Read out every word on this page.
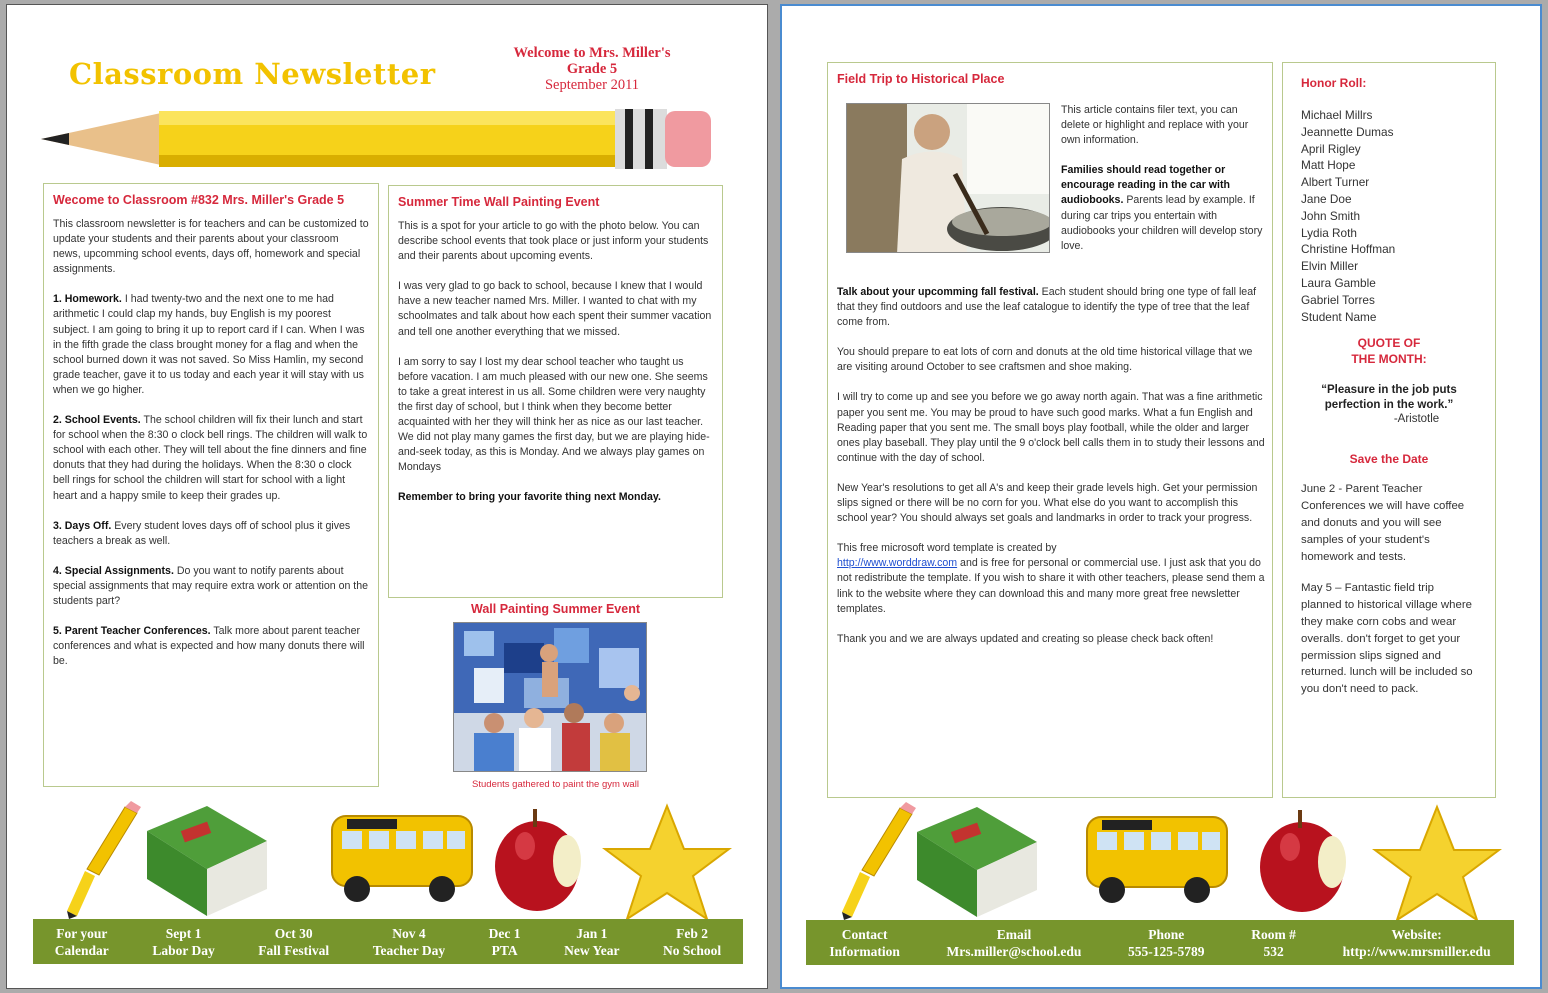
Classroom Newsletter
Welcome to Mrs. Miller's
Grade 5
September 2011
Wecome to Classroom #832 Mrs. Miller's Grade 5

This classroom newsletter is for teachers and can be customized to update your students and their parents about your classroom news, upcomming school events, days off, homework and special assignments.

1. Homework. I had twenty-two and the next one to me had arithmetic I could clap my hands, buy English is my poorest subject. I am going to bring it up to report card if I can. When I was in the fifth grade the class brought money for a flag and when the school burned down it was not saved. So Miss Hamlin, my second grade teacher, gave it to us today and each year it will stay with us when we go higher.

2. School Events. The school children will fix their lunch and start for school when the 8:30 o clock bell rings. The children will walk to school with each other. They will tell about the fine dinners and fine donuts that they had during the holidays. When the 8:30 o clock bell rings for school the children will start for school with a light heart and a happy smile to keep their grades up.

3. Days Off. Every student loves days off of school plus it gives teachers a break as well.

4. Special Assignments. Do you want to notify parents about special assignments that may require extra work or attention on the students part?

5. Parent Teacher Conferences. Talk more about parent teacher conferences and what is expected and how many donuts there will be.

Summer Time Wall Painting Event

This is a spot for your article to go with the photo below. You can describe school events that took place or just inform your students and their parents about upcoming events.

I was very glad to go back to school, because I knew that I would have a new teacher named Mrs. Miller. I wanted to chat with my schoolmates and talk about how each spent their summer vacation and tell one another everything that we missed.

I am sorry to say I lost my dear school teacher who taught us before vacation. I am much pleased with our new one. She seems to take a great interest in us all. Some children were very naughty the first day of school, but I think when they become better acquainted with her they will think her as nice as our last teacher. We did not play many games the first day, but we are playing hide-and-seek today, as this is Monday. And we always play games on Mondays

Remember to bring your favorite thing next Monday.

Wall Painting Summer Event
Students gathered to paint the gym wall
For your
Calendar
Sept 1
Labor Day
Oct 30
Fall Festival
Nov 4
Teacher Day
Dec 1
PTA
Jan 1
New Year
Feb 2
No School
Field Trip to Historical Place

This article contains filer text, you can delete or highlight and replace with your own information.

Families should read together or encourage reading in the car with audiobooks. Parents lead by example. If during car trips you entertain with audiobooks your children will develop story love.

Talk about your upcomming fall festival. Each student should bring one type of fall leaf that they find outdoors and use the leaf catalogue to identify the type of tree that the leaf come from.

You should prepare to eat lots of corn and donuts at the old time historical village that we are visiting around October to see craftsmen and shoe making.

I will try to come up and see you before we go away north again. That was a fine arithmetic paper you sent me. You may be proud to have such good marks. What a fun English and Reading paper that you sent me. The small boys play football, while the older and larger ones play baseball. They play until the 9 o'clock bell calls them in to study their lessons and continue with the day of school.

New Year's resolutions to get all A's and keep their grade levels high. Get your permission slips signed or there will be no corn for you. What else do you want to accomplish this school year? You should always set goals and landmarks in order to track your progress.

This free microsoft word template is created by
http://www.worddraw.com and is free for personal or commercial use. I just ask that you do not redistribute the template. If you wish to share it with other teachers, please send them a link to the website where they can download this and many more great free newsletter templates.

Thank you and we are always updated and creating so please check back often!

Honor Roll:
Michael Millrs
Jeannette Dumas
April Rigley
Matt Hope
Albert Turner
Jane Doe
John Smith
Lydia Roth
Christine Hoffman
Elvin Miller
Laura Gamble
Gabriel Torres
Student Name
QUOTE OF
THE MONTH:
“Pleasure in the job puts perfection in the work.”
-Aristotle
Save the Date

June 2 - Parent Teacher Conferences we will have coffee and donuts and you will see samples of your student's homework and tests.

May 5 – Fantastic field trip planned to historical village where they make corn cobs and wear overalls. don't forget to get your permission slips signed and returned. lunch will be included so you don't need to pack.

Contact
Information
Email
Mrs.miller@school.edu
Phone
555-125-5789
Room #
532
Website:
http://www.mrsmiller.edu
